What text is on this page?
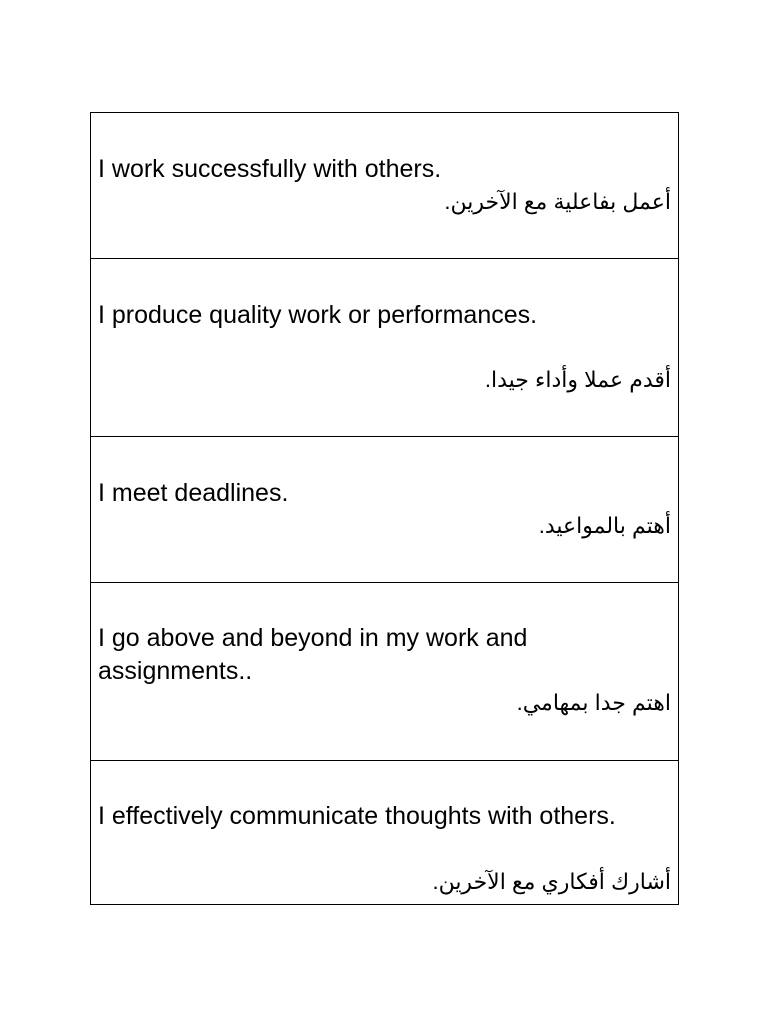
I work successfully with others.
أعمل بفاعلية مع الآخرين.
I produce quality work or performances.
أقدم عملا وأداء جيدا.
I meet deadlines.
أهتم بالمواعيد.
I go above and beyond in my work and assignments..
اهتم جدا بمهامي.
I effectively communicate thoughts with others.
أشارك أفكاري مع الآخرين.
